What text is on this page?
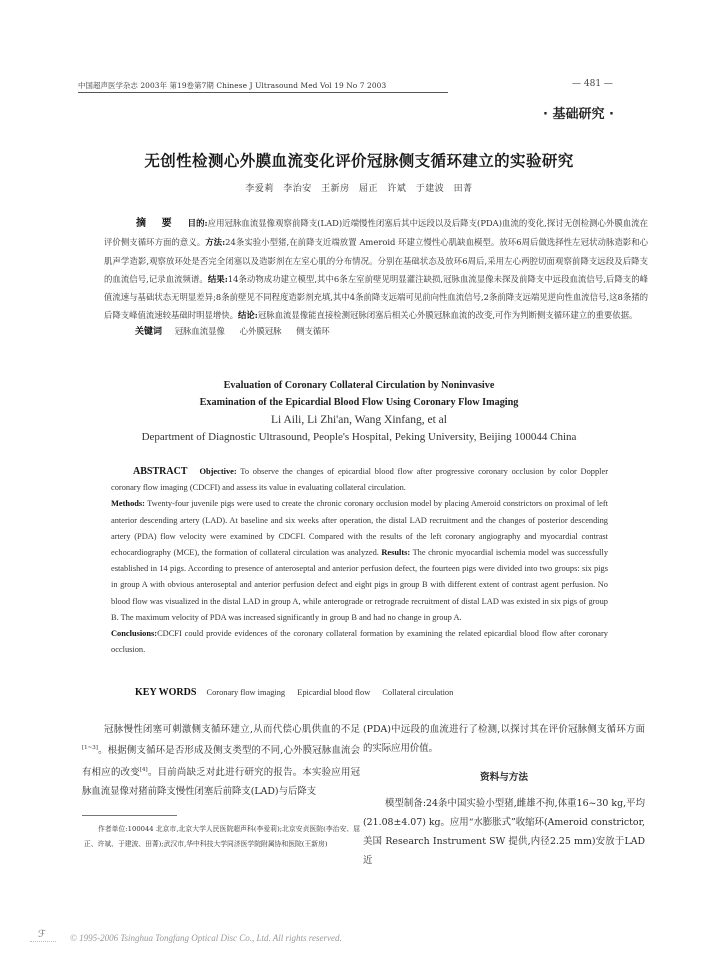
中国超声医学杂志 2003年 第19卷第7期 Chinese J Ultrasound Med Vol 19 No 7 2003	— 481 —
· 基础研究 ·
无创性检测心外膜血流变化评价冠脉侧支循环建立的实验研究
李爱莉 李治安 王新房 屈正 许斌 于建波 田菁
摘 要 目的:应用冠脉血流显像观察前降支(LAD)近端慢性闭塞后其中远段以及后降支(PDA)血流的变化,探讨无创检测心外膜血流在评价侧支循环方面的意义。方法:24条实验小型猪,在前降支近端放置 Ameroid 环建立慢性心肌缺血模型。放环6周后做选择性左冠状动脉造影和心肌声学造影,观察放环处是否完全闭塞以及造影剂在左室心肌的分布情况。分别在基础状态及放环6周后,采用左心两腔切面观察前降支远段及后降支的血流信号,记录血流频谱。结果:14条动物成功建立模型,其中6条左室前壁见明显灌注缺损,冠脉血流显像未探及前降支中远段血流信号,后降支的峰值流速与基础状态无明显差异;8条前壁见不同程度造影剂充填,其中4条前降支远端可见前向性血流信号,2条前降支远端见逆向性血流信号,这8条猪的后降支峰值流速较基础时明显增快。结论:冠脉血流显像能直接检测冠脉闭塞后相关心外膜冠脉血流的改变,可作为判断侧支循环建立的重要依据。
关键词 冠脉血流显像 心外膜冠脉 侧支循环
Evaluation of Coronary Collateral Circulation by Noninvasive
Examination of the Epicardial Blood Flow Using Coronary Flow Imaging
Li Aili, Li Zhi'an, Wang Xinfang, et al
Department of Diagnostic Ultrasound, People's Hospital, Peking University, Beijing 100044 China
ABSTRACT Objective: To observe the changes of epicardial blood flow after progressive coronary occlusion by color Doppler coronary flow imaging (CDCFI) and assess its value in evaluating collateral circulation.
Methods: Twenty-four juvenile pigs were used to create the chronic coronary occlusion model by placing Ameroid constrictors on proximal of left anterior descending artery (LAD). At baseline and six weeks after operation, the distal LAD recruitment and the changes of posterior descending artery (PDA) flow velocity were examined by CDCFI. Compared with the results of the left coronary angiography and myocardial contrast echocardiography (MCE), the formation of collateral circulation was analyzed. Results: The chronic myocardial ischemia model was successfully established in 14 pigs. According to presence of anteroseptal and anterior perfusion defect, the fourteen pigs were divided into two groups: six pigs in group A with obvious anteroseptal and anterior perfusion defect and eight pigs in group B with different extent of contrast agent perfusion. No blood flow was visualized in the distal LAD in group A, while anterograde or retrograde recruitment of distal LAD was existed in six pigs of group B. The maximum velocity of PDA was increased significantly in group B and had no change in group A.
Conclusions:CDCFI could provide evidences of the coronary collateral formation by examining the related epicardial blood flow after coronary occlusion.
KEY WORDS Coronary flow imaging Epicardial blood flow Collateral circulation
冠脉慢性闭塞可刺激侧支循环建立,从而代偿心肌供血的不足[1~3]。根据侧支循环是否形成及侧支类型的不同,心外膜冠脉血流会有相应的改变[4]。目前尚缺乏对此进行研究的报告。本实验应用冠脉血流显像对猪前降支慢性闭塞后前降支(LAD)与后降支
作者单位:100044 北京市,北京大学人民医院超声科(李爱莉);北京安贞医院(李治安、屈正、许斌、于建波、田菁);武汉市,华中科技大学同济医学院附属协和医院(王新房)
(PDA)中远段的血流进行了检测,以探讨其在评价冠脉侧支循环方面的实际应用价值。
资料与方法
模型制备:24条中国实验小型猪,雌雄不拘,体重16~30 kg,平均(21.08±4.07) kg。应用“水膨胀式”收缩环(Ameroid constrictor,美国 Research Instrument SW 提供,内径2.25 mm)安放于LAD近
ℱ	© 1995-2006 Tsinghua Tongfang Optical Disc Co., Ltd. All rights reserved.
